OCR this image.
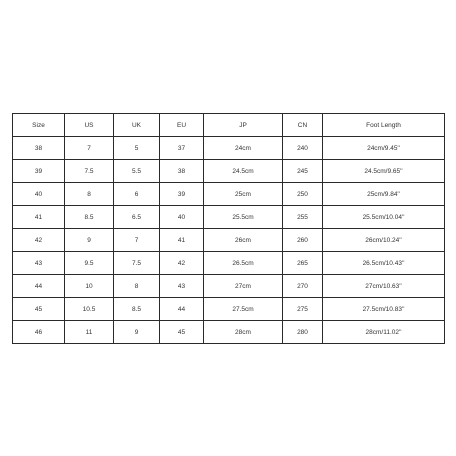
Size	US	UK	EU	JP	CN	Foot Length
38	7	5	37	24cm	240	24cm/9.45''
39	7.5	5.5	38	24.5cm	245	24.5cm/9.65''
40	8	6	39	25cm	250	25cm/9.84''
41	8.5	6.5	40	25.5cm	255	25.5cm/10.04''
42	9	7	41	26cm	260	26cm/10.24''
43	9.5	7.5	42	26.5cm	265	26.5cm/10.43''
44	10	8	43	27cm	270	27cm/10.63''
45	10.5	8.5	44	27.5cm	275	27.5cm/10.83''
46	11	9	45	28cm	280	28cm/11.02''
